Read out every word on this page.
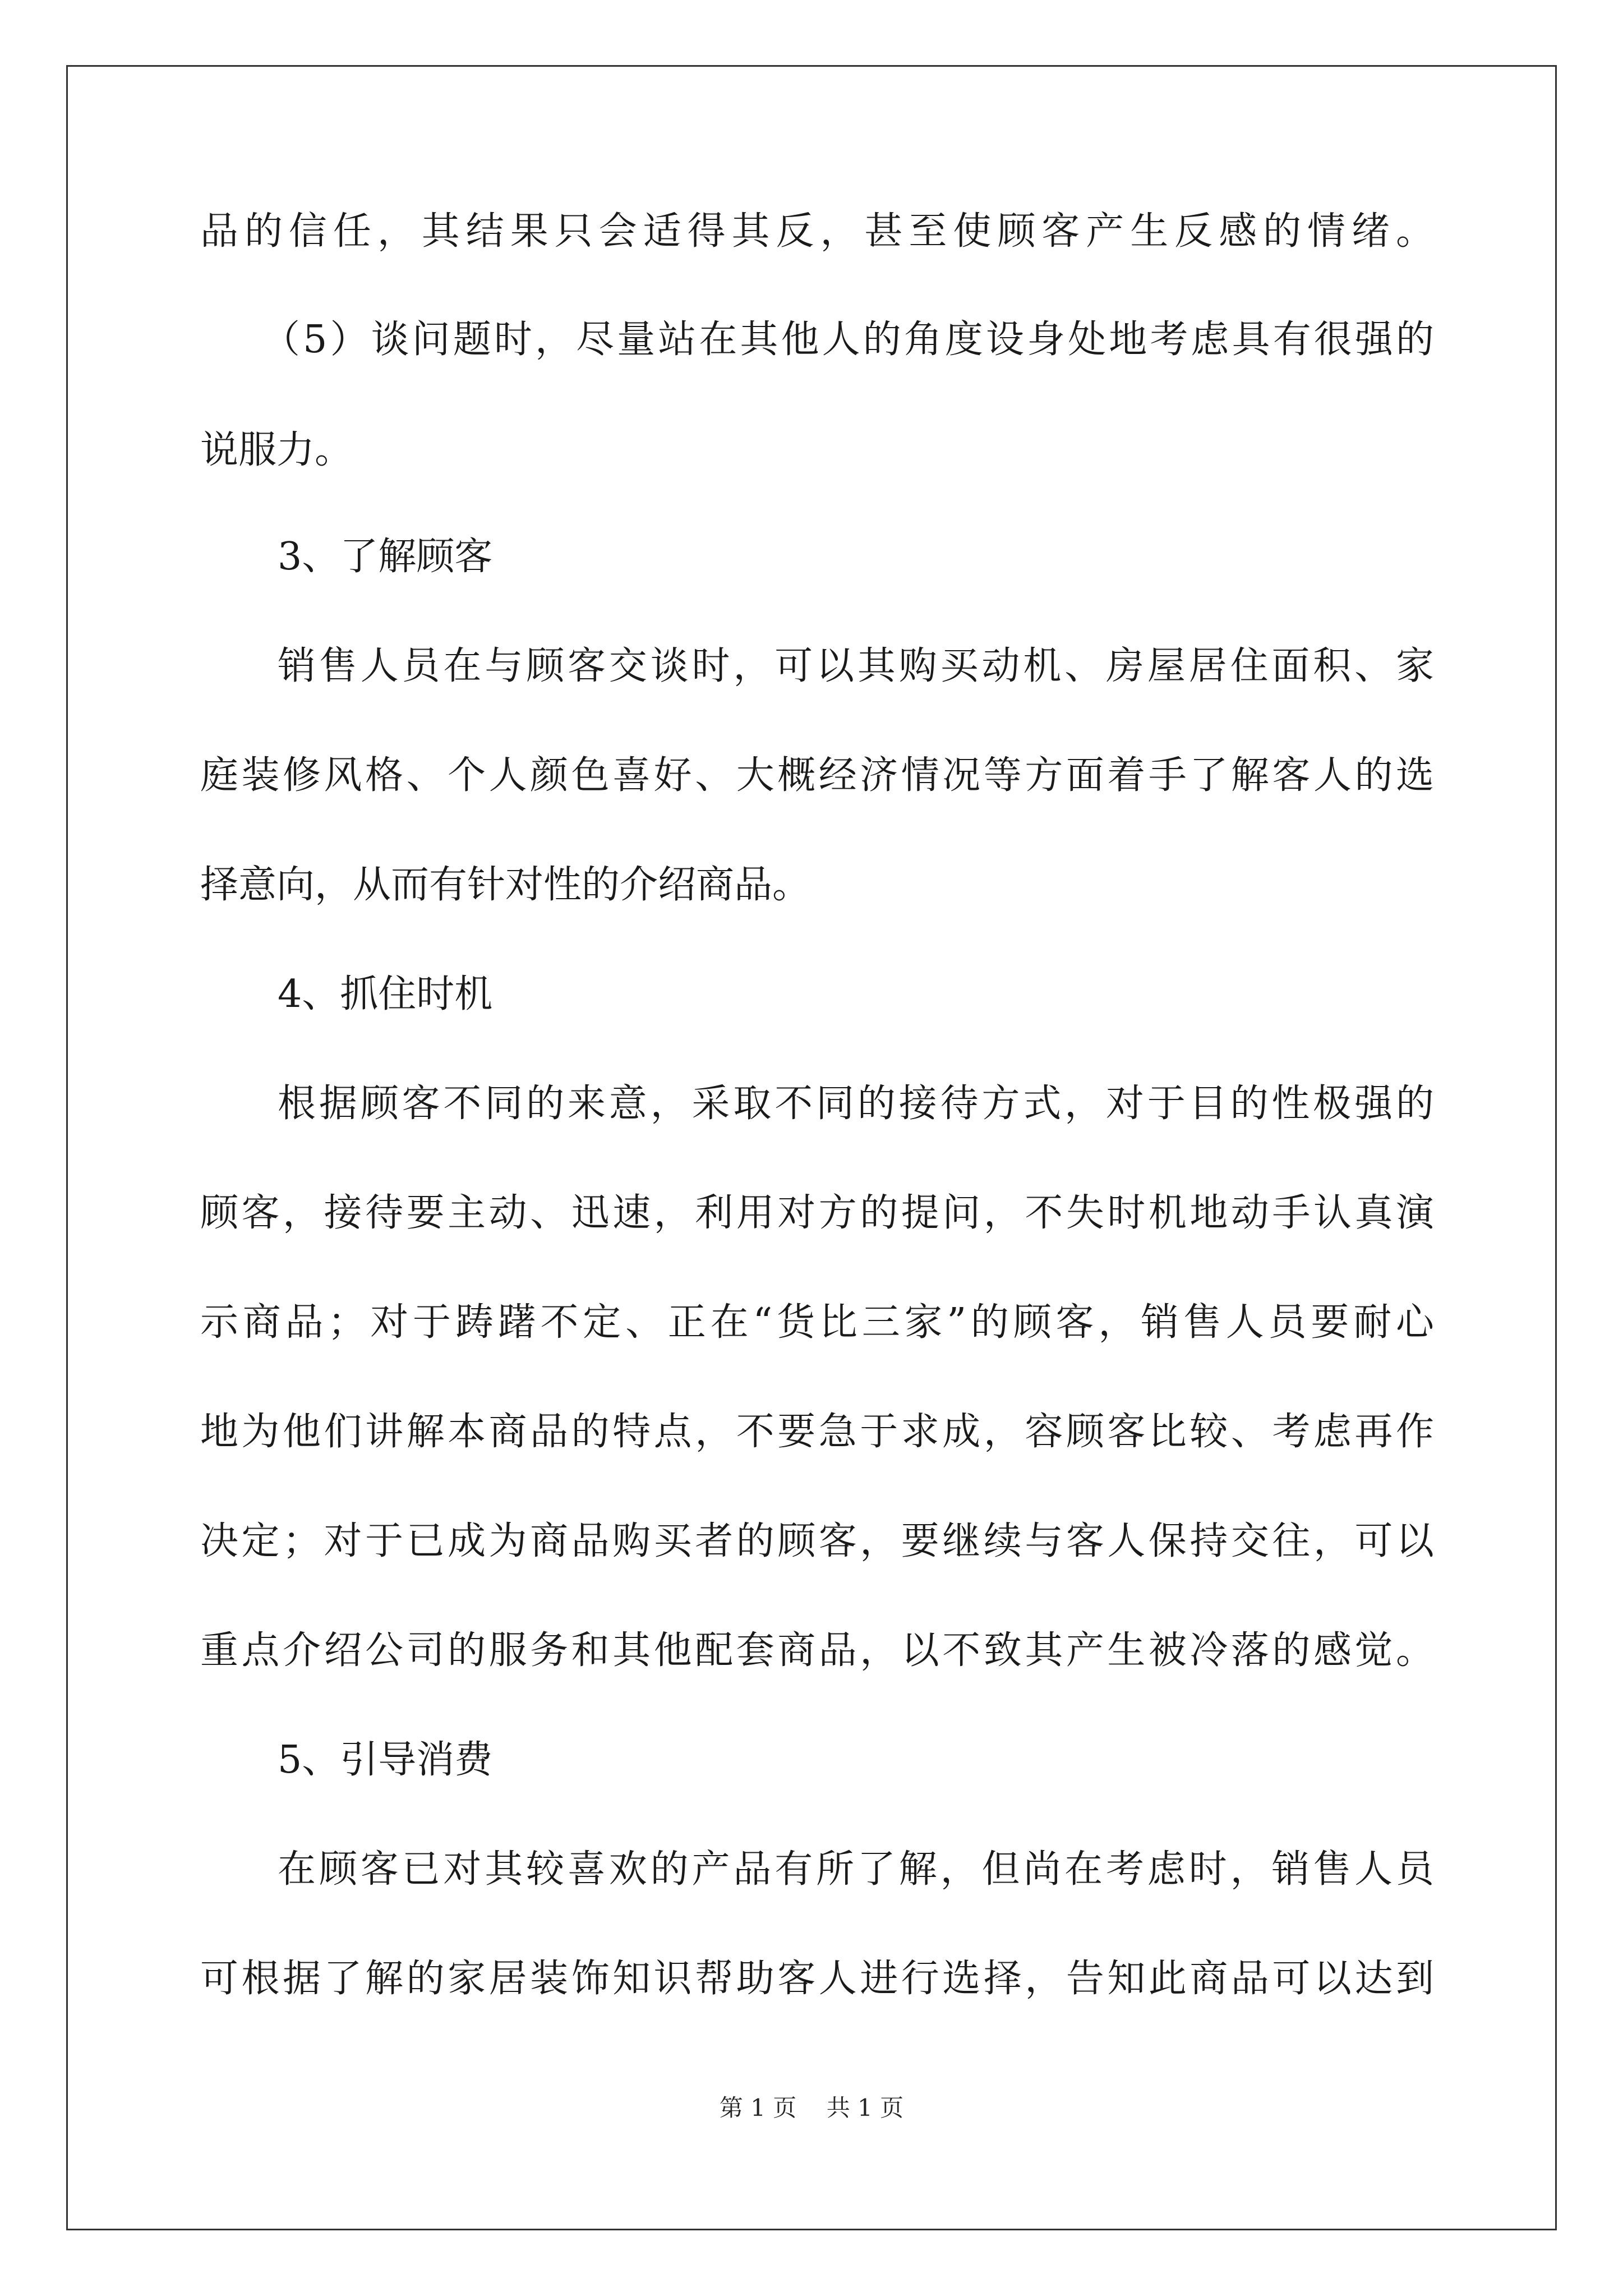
品的信任，其结果只会适得其反，甚至使顾客产生反感的情绪。
（5）谈问题时，尽量站在其他人的角度设身处地考虑具有很强的
说服力。
3、了解顾客
销售人员在与顾客交谈时，可以其购买动机、房屋居住面积、家
庭装修风格、个人颜色喜好、大概经济情况等方面着手了解客人的选
择意向，从而有针对性的介绍商品。
4、抓住时机
根据顾客不同的来意，采取不同的接待方式，对于目的性极强的
顾客，接待要主动、迅速，利用对方的提问，不失时机地动手认真演
示商品；对于踌躇不定、正在“货比三家”的顾客，销售人员要耐心
地为他们讲解本商品的特点，不要急于求成，容顾客比较、考虑再作
决定；对于已成为商品购买者的顾客，要继续与客人保持交往，可以
重点介绍公司的服务和其他配套商品，以不致其产生被冷落的感觉。
5、引导消费
在顾客已对其较喜欢的产品有所了解，但尚在考虑时，销售人员
可根据了解的家居装饰知识帮助客人进行选择，告知此商品可以达到
第 1 页    共 1 页
